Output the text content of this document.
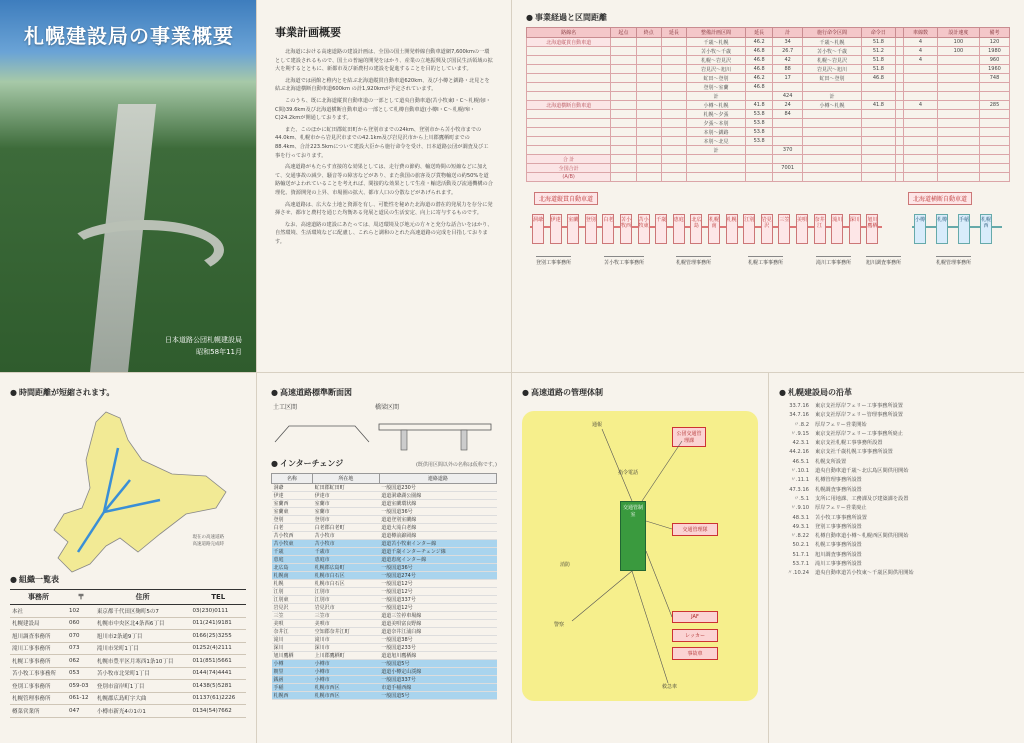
札幌建設局の事業概要
日本道路公団札幌建設局
昭和58年11月
事業計画概要

北海道における高速道路の建設計画は、全国の国土開発幹線自動車道網7,600kmの一環として建設されるもので、国土の普遍的開発をはかり、産業の立地振興及び国民生活領域の拡大を期するとともに、新都市及び新農村の建設を促進することを目的としています。

北海道では函館と稚内とを結ぶ北海道縦貫自動車道620km、及び小樽と釧路・北見とを結ぶ北海道横断自動車道600km の計1,920kmが予定されています。

このうち、既に北海道縦貫自動車道の一部として道央自動車道(苫小牧東I・C～札幌南I・C間)39.6km及び北海道横断自動車道の一部として札樽自動車道(小樽I・C～札幌西I・C)24.2kmが開通しております。

また、このほかに虻田郡虻田町から登別市までの24km、登別市から苫小牧市までの44.0km、札幌市から岩見沢市までの42.1km及び岩見沢市から上川郡鷹栖町までの88.4km、合計223.5kmについて建設大臣から施行命令を受け、日本道路公団が調査及び工事を行っております。

高速道路がもたらす直接的な効果としては、走行費の節約、輸送時間の短縮などに加えて、交通事故の減少、騒音等の障害などがあり、また我国の旅客及び貨物輸送の約50%を道路輸送がよわれていることを考えれば、間接的な効果として生産・輸送活動及び流通機構の合理化、資源開発の上昇、市場圏の拡大、都市人口の分散などがあげられます。

高速道路は、広大な土地と資源を有し、可能性を秘めた北海道の潜在的発展力を存分に発揮させ、都市と農村を通じた均衡ある発展と道民の生活安定、向上に寄与するものです。

なお、高速道路の建設にあたっては、周辺環境及び地元の方々と充分な話合いをはかり、自然環境、生活環境などに配慮し、これらと調和のとれた高速道路の完成を目指しております。

● 事業経過と区間距離
路線名	起点	終点	延長	整備計画区間	延長	計	施行命令区間	命令日		車線数	設計速度	備考
北海道縦貫自動車道				千歳～札幌	46.2	34	千歳～札幌	51.8		4	100	120
				苫小牧～千歳	46.8	26.7	苫小牧～千歳	51.2		4	100	1980
				札幌～岩見沢	46.8	42	札幌～岩見沢	51.8		4		960
				岩見沢～旭川	46.8	88	岩見沢～旭川	51.8				1960
				虻田～登別	46.2	17	虻田～登別	46.8				748
				登別～室蘭	46.8							
				計		424	計					
北海道横断自動車道				小樽～札幌	41.8	24	小樽～札幌	41.8		4		285
				札幌～夕張	53.8	84						
				夕張～本別	53.8							
				本別～釧路	53.8							
				本別～北見	53.8							
				計		370						
合 計												
全国合計						7001						
(A/B)												
北海道縦貫自動車道	北海道横断自動車道
洞爺 伊達 室蘭 登別 白老 苫小牧西
苫小牧東
千歳 恵庭 北広島
札幌南
札幌 江別 岩見沢
三笠 美唄 奈井江
滝川 深川 旭川鷹栖
小樽 札樽 手稲 札幌西
登別工事事務所	苫小牧工事事務所	札幌管理事務所	札幌工事事務所	滝川工事事務所	旭川調査事務所	札幌管理事務所
● 時間距離が短縮されます。
現在の高速道路
高速道路完成時
● 組織一覧表
事務所	〒	住所	TEL
本社	102	東京都千代田区麹町5の7	03(230)0111
札幌建設局	060	札幌市中央区北4条西6丁目	011(241)9181
旭川調査事務所	070	旭川市2条通9丁目	0166(25)3255
滝川工事事務所	073	滝川市栄町1丁目	01252(4)2111
札幌工事事務所	062	札幌市豊平区月寒西1条10丁目	011(851)5661
苫小牧工事事務所	053	苫小牧市北栄町1丁目	0144(74)4441
登別工事事務所	059-03	登別市富岸町1丁目	01438(5)5281
札幌管理事務所	061-12	札幌郡広島町字大曲	01137(61)2226
樽菜営業所	047	小樽市新光4の1の1	0134(54)7662
● 高速道路標準断面図
土工区間	橋梁区間
● インターチェンジ	(既供用区間以外の名称は仮称です。)
名称	所在地	連絡道路
洞爺	虻田郡虻田町	一般国道230号
伊達	伊達市	道道洞爺湖公園線
室蘭西	室蘭市	道道室蘭環状線
室蘭東	室蘭市	一般国道36号
登別	登別市	道道登別室蘭線
白老	白老郡白老町	道道大滝白老線
苫小牧西	苫小牧市	道道樽前錦岡線
苫小牧東	苫小牧市	道道苫小牧東インター線
千歳	千歳市	道道千歳インターチェンジ線
恵庭	恵庭市	道道恵庭インター線
北広島	札幌郡広島町	一般国道36号
札幌南	札幌市白石区	一般国道274号
札幌	札幌市白石区	一般国道12号
江別	江別市	一般国道12号
江別東	江別市	一般国道337号
岩見沢	岩見沢市	一般国道12号
三笠	三笠市	道道三笠停車場線
美唄	美唄市	道道美唄富良野線
奈井江	空知郡奈井江町	道道奈井江浦臼線
滝川	滝川市	一般国道38号
深川	深川市	一般国道233号
旭川鷹栖	上川郡鷹栖町	道道旭川鷹栖線
小樽	小樽市	一般国道5号
朝里	小樽市	道道小樽定山渓線
銭函	小樽市	一般国道337号
手稲	札幌市西区	市道手稲西線
札幌西	札幌市西区	一般国道5号
● 高速道路の管理体制
通報
公団交通管理課
指令電話
交通管制室
交通管理隊
警察
消防
救急車
JAF
レッカー
事故車
● 札幌建設局の沿革
33.7.16	東京支社厚岸フェリー工事事務所設置
34.7.16	東京支社厚岸フェリー管理事務所設置
〃.8.2	厚岸フェリー営業開始
〃.9.15	東京支社厚岸フェリー工事事務所廃止
42.3.1	東京支社札幌工事事務所設置
44.2.16	東京支社千歳札幌工事事務所設置
46.5.1	札幌支所設置
〃.10.1	道央自動車道千歳～北広島区間供用開始
〃.11.1	札樽管理事務所設置
47.3.16	札幌調査事務所設置
〃.5.1	支所に用地課、工務課及び建築課を設置
〃.9.10	厚岸フェリー営業廃止
48.3.1	苫小牧工事事務所設置
49.3.1	登別工事事務所設置
〃.8.22	札樽自動車道小樽～札幌西区間供用開始
50.2.1	札幌工事事務所設置
51.7.1	旭川調査事務所設置
53.7.1	滝川工事事務所設置
〃.10.24	道央自動車道苫小牧東～千歳区間供用開始
